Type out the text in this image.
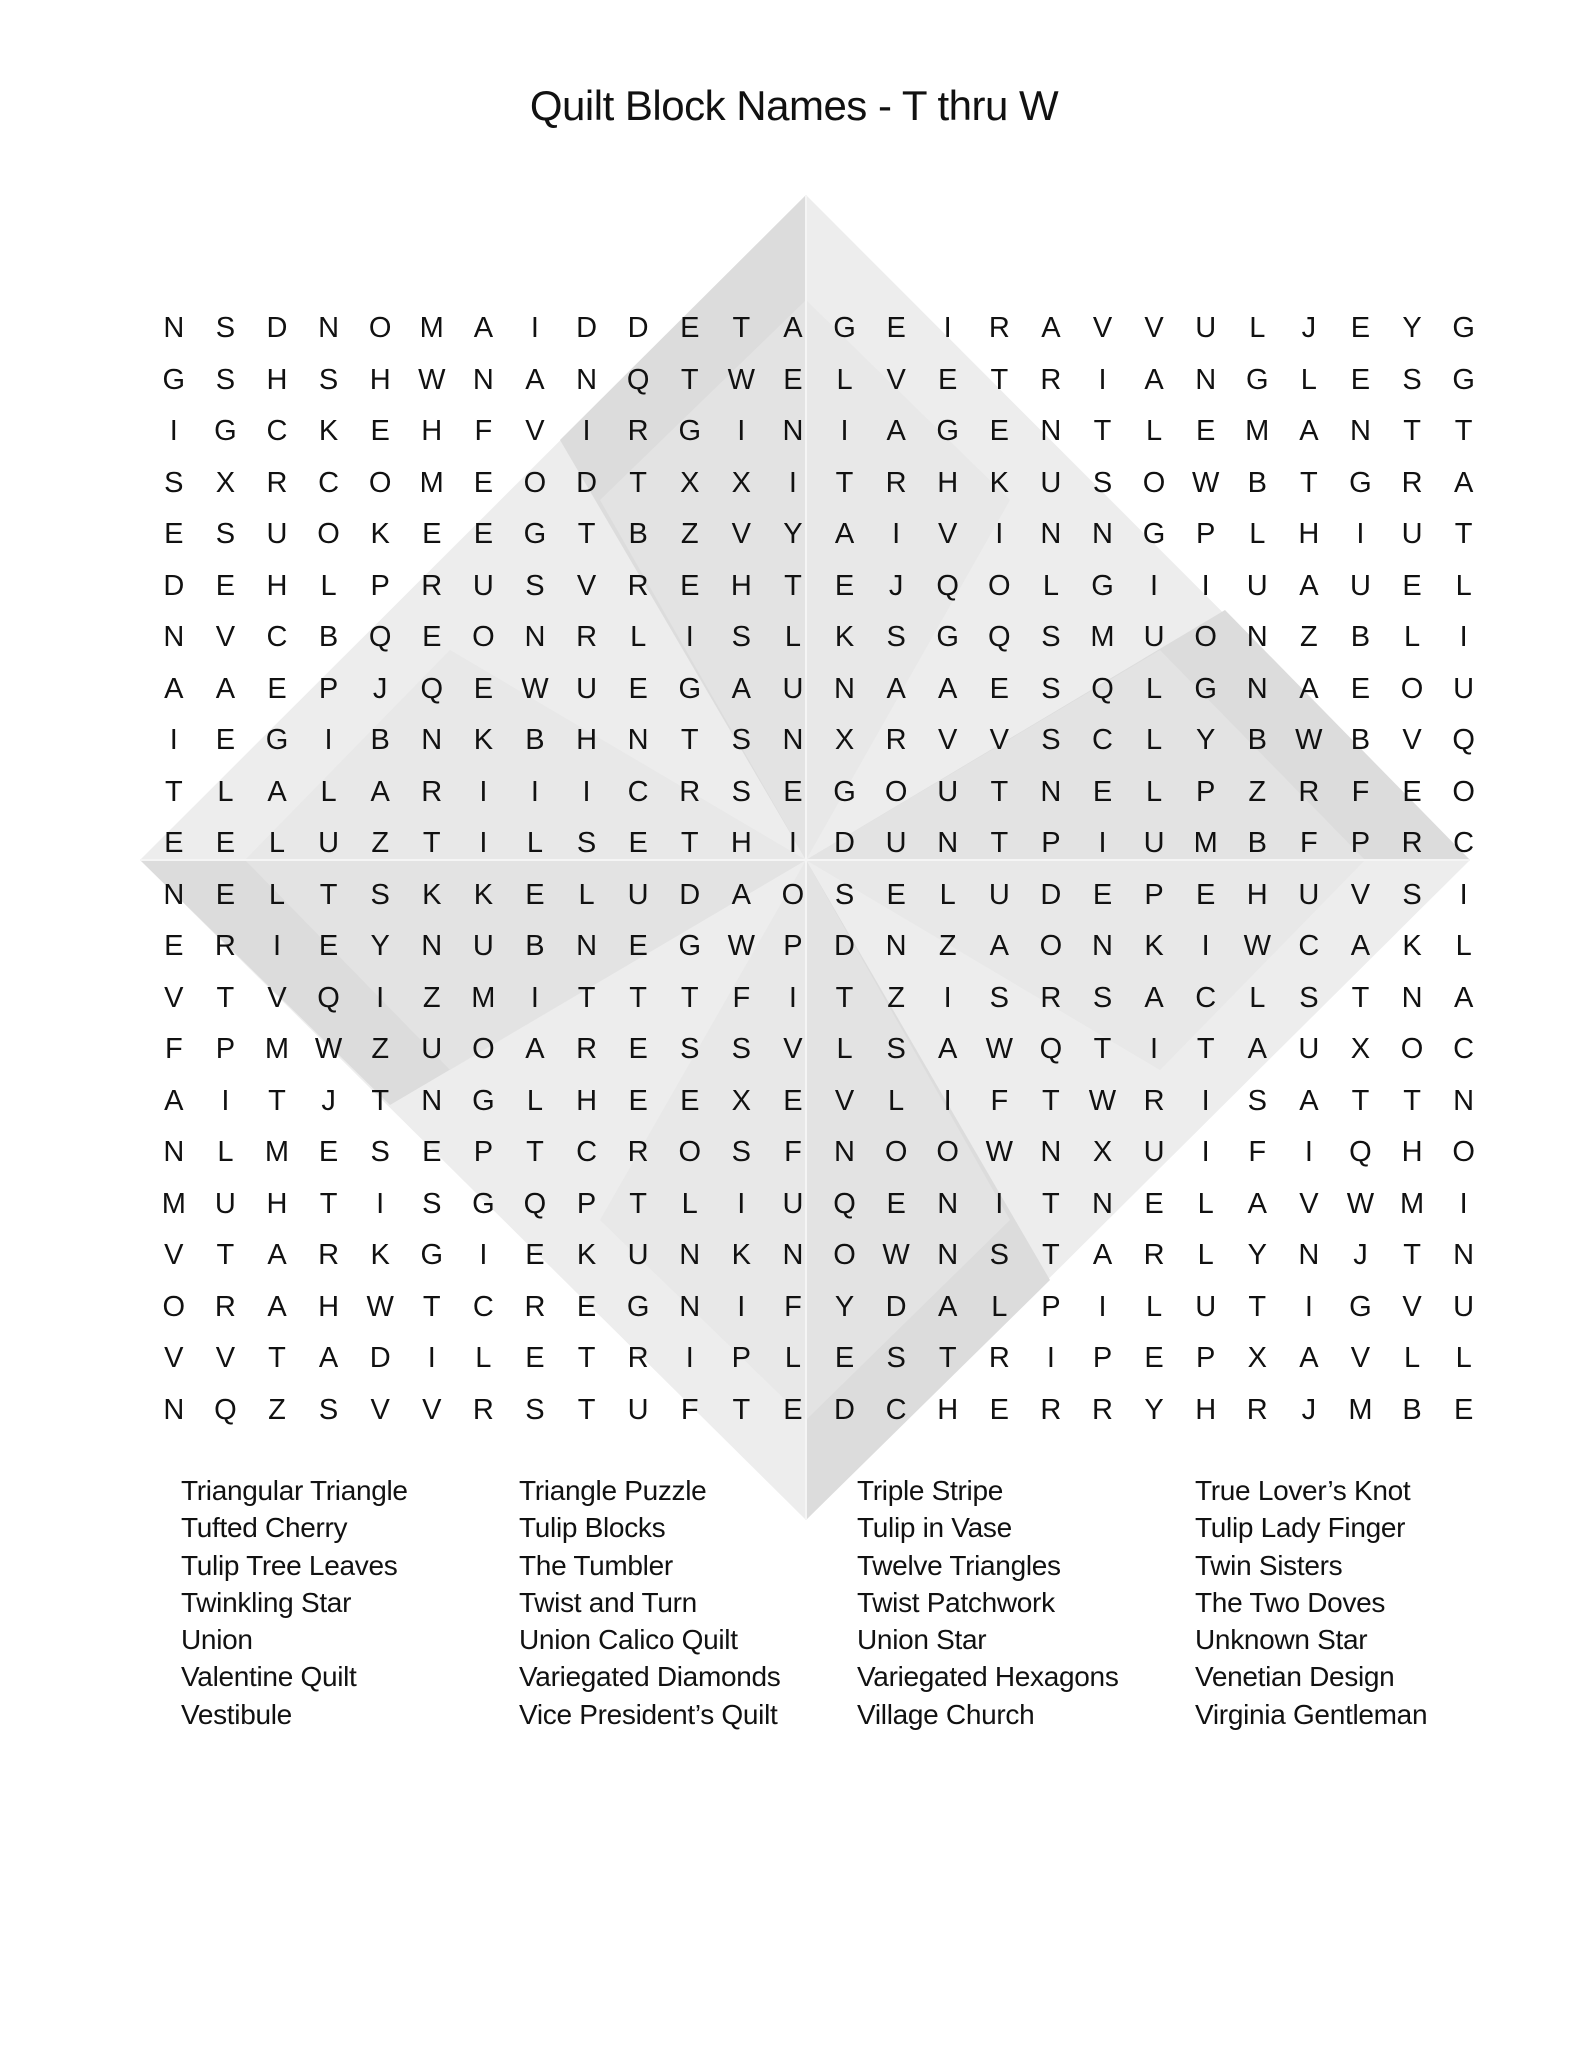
Quilt Block Names - T thru W
N	S	D	N	O M	A	I	D	D	E	T	A	G	E	I	R	A	V	V	U	L	J	E	Y	G
G	S	H	S	H W N	A	N	Q	T	W E	L	V	E	T	R	I	A	N	G	L	E	S	G
I	G	C	K	E	H	F	V	I	R	G	I	N	I	A	G	E	N	T	L	E	M	A	N	T	T
S	X	R	C	O M	E	O	D	T	X	X	I	T	R	H	K	U	S	O W B	T	G	R	A
E	S	U	O	K	E	E	G	T	B	Z	V	Y	A	I	V	I	N	N	G	P	L	H	I	U	T
D	E	H	L	P	R	U	S	V	R	E	H	T	E	J	Q	O	L	G	I	I	U	A	U	E	L
N	V	C	B	Q	E	O	N	R	L	I	S	L	K	S	G	Q	S	M	U	O	N	Z	B	L	I
A	A	E	P	J	Q	E W U	E	G	A	U	N	A	A	E	S	Q	L	G	N	A	E	O	U
I	E	G	I	B	N	K	B	H	N	T	S	N	X	R	V	V	S	C	L	Y	B W B	V	Q
T	L	A	L	A	R	I	I	I	C	R	S	E	G	O	U	T	N	E	L	P	Z	R	F	E	O
E	E	L	U	Z	T	I	L	S	E	T	H	I	D	U	N	T	P	I	U	M	B	F	P	R	C
N	E	L	T	S	K	K	E	L	U	D	A	O	S	E	L	U	D	E	P	E	H	U	V	S	I
E	R	I	E	Y	N	U	B	N	E	G W P	D	N	Z	A	O	N	K	I	W C	A	K	L
V	T	V	Q	I	Z	M	I	T	T	T	F	I	T	Z	I	S	R	S	A	C	L	S	T	N	A
F	P	M W	Z	U	O	A	R	E	S	S	V	L	S	A W Q	T	I	T	A	U	X	O	C
A	I	T	J	T	N	G	L	H	E	E	X	E	V	L	I	F	T	W R	I	S	A	T	T	N
N	L	M	E	S	E	P	T	C	R	O	S	F	N	O	O W N	X	U	I	F	I	Q	H	O
M	U	H	T	I	S	G	Q	P	T	L	I	U	Q	E	N	I	T	N	E	L	A	V W M	I
V	T	A	R	K	G	I	E	K	U	N	K	N	O W N	S	T	A	R	L	Y	N	J	T	N
O	R	A	H W	T	C	R	E	G	N	I	F	Y	D	A	L	P	I	L	U	T	I	G	V	U
V	V	T	A	D	I	L	E	T	R	I	P	L	E	S	T	R	I	P	E	P	X	A	V	L	L
N	Q	Z	S	V	V	R	S	T	U	F	T	E	D	C	H	E	R	R	Y	H	R	J	M	B	E
Triangular Triangle
Tufted Cherry
Tulip Tree Leaves
Twinkling Star
Union
Valentine Quilt
Vestibule
Triangle Puzzle
Tulip Blocks
The Tumbler
Twist and Turn
Union Calico Quilt
Variegated Diamonds
Vice President’s Quilt
Triple Stripe
Tulip in Vase
Twelve Triangles
Twist Patchwork
Union Star
Variegated Hexagons
Village Church
True Lover’s Knot
Tulip Lady Finger
Twin Sisters
The Two Doves
Unknown Star
Venetian Design
Virginia Gentleman
